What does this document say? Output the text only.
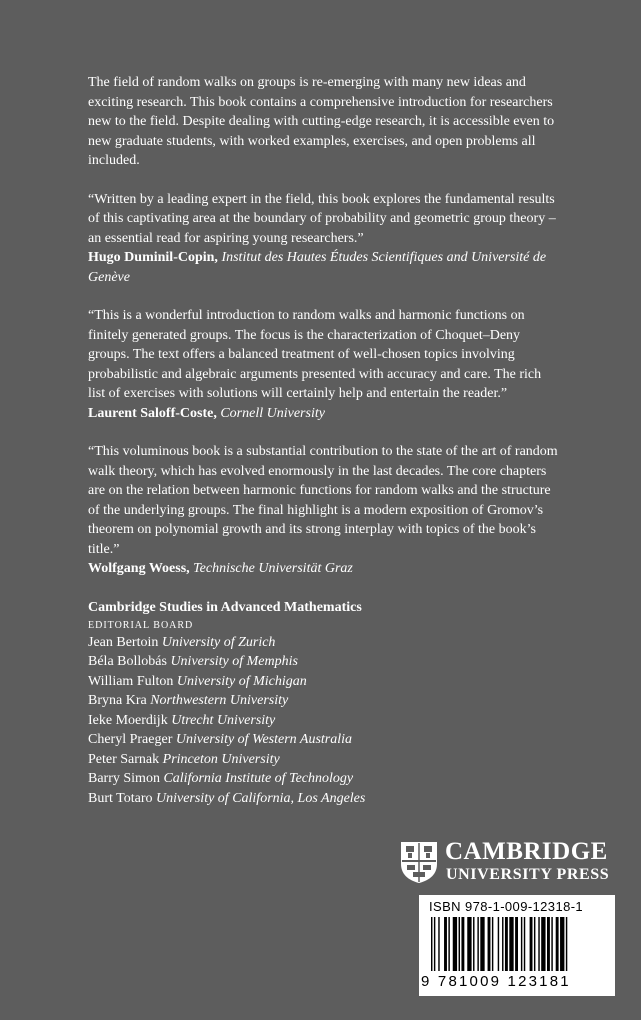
The field of random walks on groups is re-emerging with many new ideas and exciting research. This book contains a comprehensive introduction for researchers new to the field. Despite dealing with cutting-edge research, it is accessible even to new graduate students, with worked examples, exercises, and open problems all included.

“Written by a leading expert in the field, this book explores the fundamental results of this captivating area at the boundary of probability and geometric group theory – an essential read for aspiring young researchers.”
Hugo Duminil-Copin, Institut des Hautes Études Scientifiques and Université de Genève
“This is a wonderful introduction to random walks and harmonic functions on finitely generated groups. The focus is the characterization of Choquet–Deny groups. The text offers a balanced treatment of well-chosen topics involving probabilistic and algebraic arguments presented with accuracy and care. The rich list of exercises with solutions will certainly help and entertain the reader.”
Laurent Saloff-Coste, Cornell University
“This voluminous book is a substantial contribution to the state of the art of random walk theory, which has evolved enormously in the last decades. The core chapters are on the relation between harmonic functions for random walks and the structure of the underlying groups. The final highlight is a modern exposition of Gromov’s theorem on polynomial growth and its strong interplay with topics of the book’s title.”
Wolfgang Woess, Technische Universität Graz
Cambridge Studies in Advanced Mathematics
EDITORIAL BOARD
Jean Bertoin University of Zurich
Béla Bollobás University of Memphis
William Fulton University of Michigan
Bryna Kra Northwestern University
Ieke Moerdijk Utrecht University
Cheryl Praeger University of Western Australia
Peter Sarnak Princeton University
Barry Simon California Institute of Technology
Burt Totaro University of California, Los Angeles
CAMBRIDGE
UNIVERSITY PRESS
ISBN 978-1-009-12318-1
9 781009 123181
